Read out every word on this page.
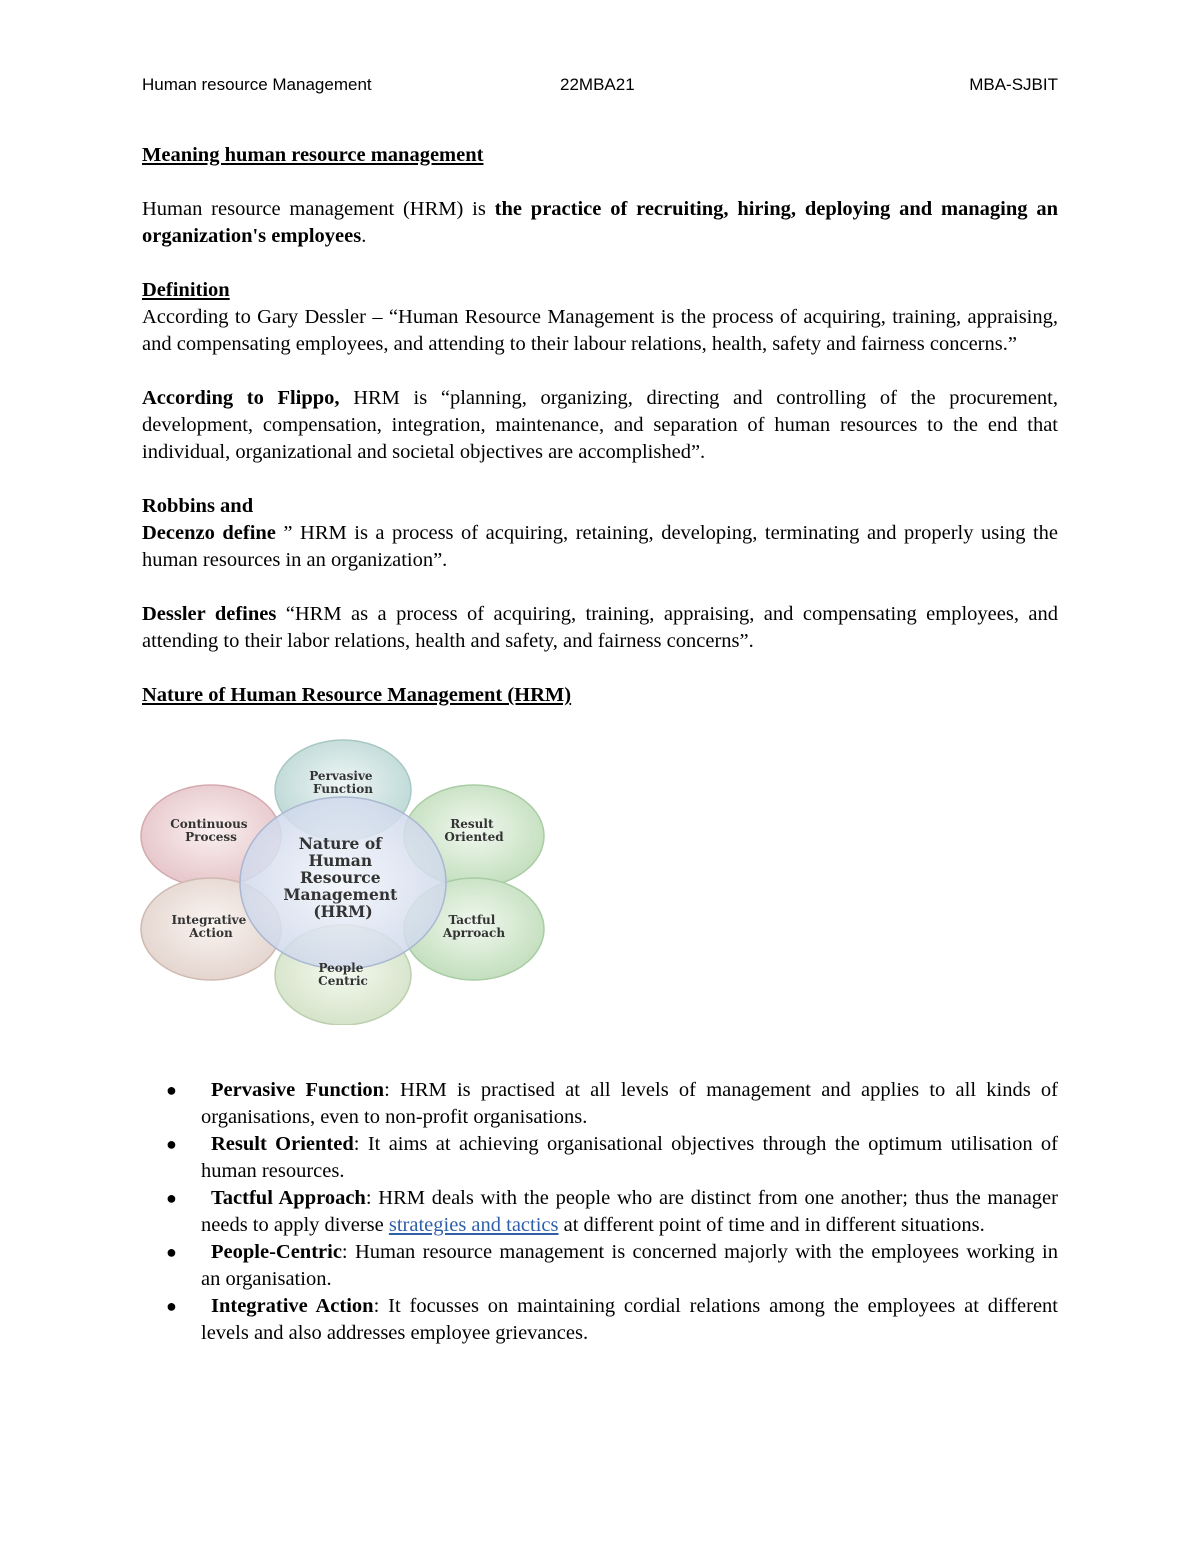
Human resource Management	22MBA21	MBA-SJBIT

Meaning human resource management

Human resource management (HRM) is the practice of recruiting, hiring, deploying and managing an organization's employees.

Definition

According to Gary Dessler – “Human Resource Management is the process of acquiring, training, appraising, and compensating employees, and attending to their labour relations, health, safety and fairness concerns.”

According to Flippo, HRM is “planning, organizing, directing and controlling of the procurement, development, compensation, integration, maintenance, and separation of human resources to the end that individual, organizational and societal objectives are accomplished”.

Robbins and

Decenzo define ” HRM is a process of acquiring, retaining, developing, terminating and properly using the human resources in an organization”.

Dessler defines “HRM as a process of acquiring, training, appraising, and compensating employees, and attending to their labor relations, health and safety, and fairness concerns”.

Nature of Human Resource Management (HRM)

Pervasive Function
Continuous Process
Result Oriented
Integrative Action
Tactful Aprroach
People Centric
Nature of Human Resource Management (HRM)
● Pervasive Function: HRM is practised at all levels of management and applies to all kinds of organisations, even to non-profit organisations.
● Result Oriented: It aims at achieving organisational objectives through the optimum utilisation of human resources.
● Tactful Approach: HRM deals with the people who are distinct from one another; thus the manager needs to apply diverse strategies and tactics at different point of time and in different situations.
● People-Centric: Human resource management is concerned majorly with the employees working in an organisation.
● Integrative Action: It focusses on maintaining cordial relations among the employees at different levels and also addresses employee grievances.
